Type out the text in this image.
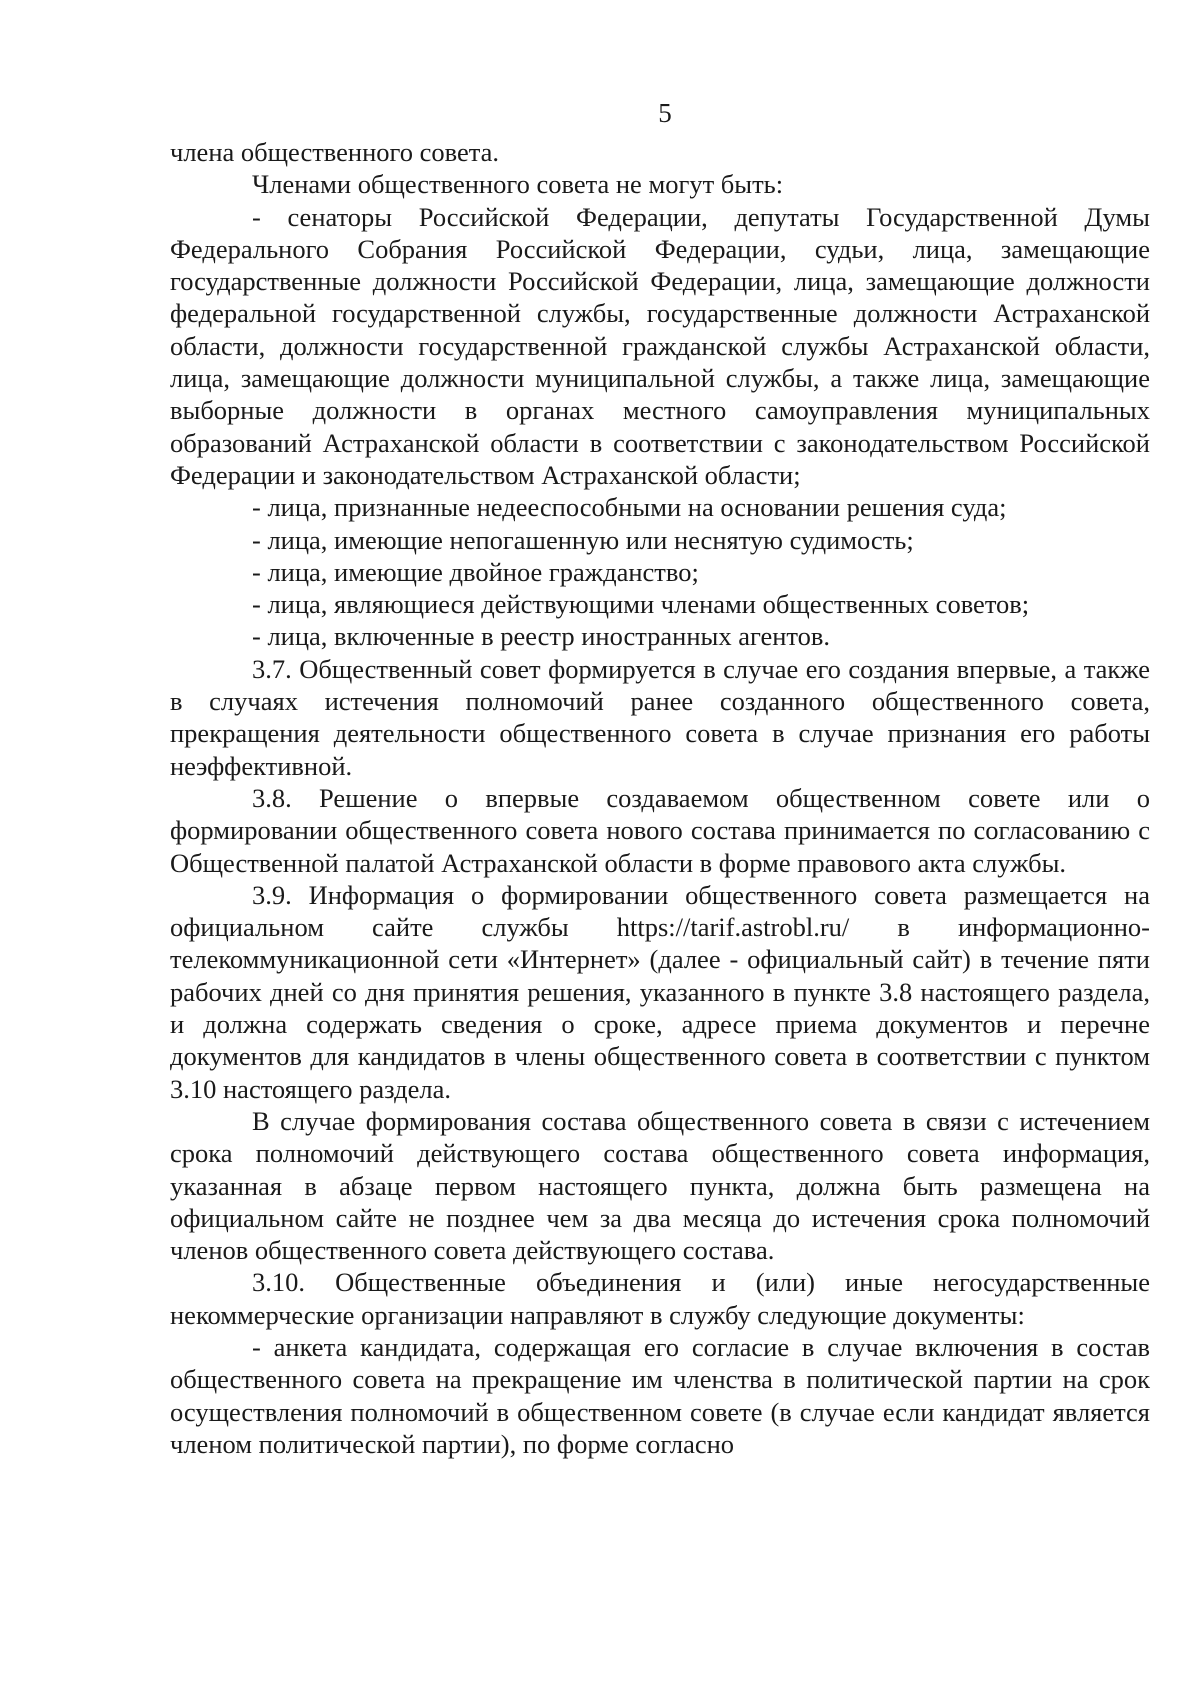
5

члена общественного совета.

Членами общественного совета не могут быть:

- сенаторы Российской Федерации, депутаты Государственной Думы Федерального Собрания Российской Федерации, судьи, лица, замещающие государственные должности Российской Федерации, лица, замещающие должности федеральной государственной службы, государственные должности Астраханской области, должности государственной гражданской службы Астраханской области, лица, замещающие должности муниципальной службы, а также лица, замещающие выборные должности в органах местного самоуправления муниципальных образований Астраханской области в соответствии с законодательством Российской Федерации и законодательством Астраханской области;

- лица, признанные недееспособными на основании решения суда;

- лица, имеющие непогашенную или неснятую судимость;

- лица, имеющие двойное гражданство;

- лица, являющиеся действующими членами общественных советов;

- лица, включенные в реестр иностранных агентов.

3.7. Общественный совет формируется в случае его создания впервые, а также в случаях истечения полномочий ранее созданного общественного совета, прекращения деятельности общественного совета в случае признания его работы неэффективной.

3.8. Решение о впервые создаваемом общественном совете или о формировании общественного совета нового состава принимается по согласованию с Общественной палатой Астраханской области в форме правового акта службы.

3.9. Информация о формировании общественного совета размещается на официальном сайте службы https://tarif.astrobl.ru/ в информационно-телекоммуникационной сети «Интернет» (далее - официальный сайт) в течение пяти рабочих дней со дня принятия решения, указанного в пункте 3.8 настоящего раздела, и должна содержать сведения о сроке, адресе приема документов и перечне документов для кандидатов в члены общественного совета в соответствии с пунктом 3.10 настоящего раздела.

В случае формирования состава общественного совета в связи с истечением срока полномочий действующего состава общественного совета информация, указанная в абзаце первом настоящего пункта, должна быть размещена на официальном сайте не позднее чем за два месяца до истечения срока полномочий членов общественного совета действующего состава.

3.10. Общественные объединения и (или) иные негосударственные некоммерческие организации направляют в службу следующие документы:

- анкета кандидата, содержащая его согласие в случае включения в состав общественного совета на прекращение им членства в политической партии на срок осуществления полномочий в общественном совете (в случае если кандидат является членом политической партии), по форме согласно
